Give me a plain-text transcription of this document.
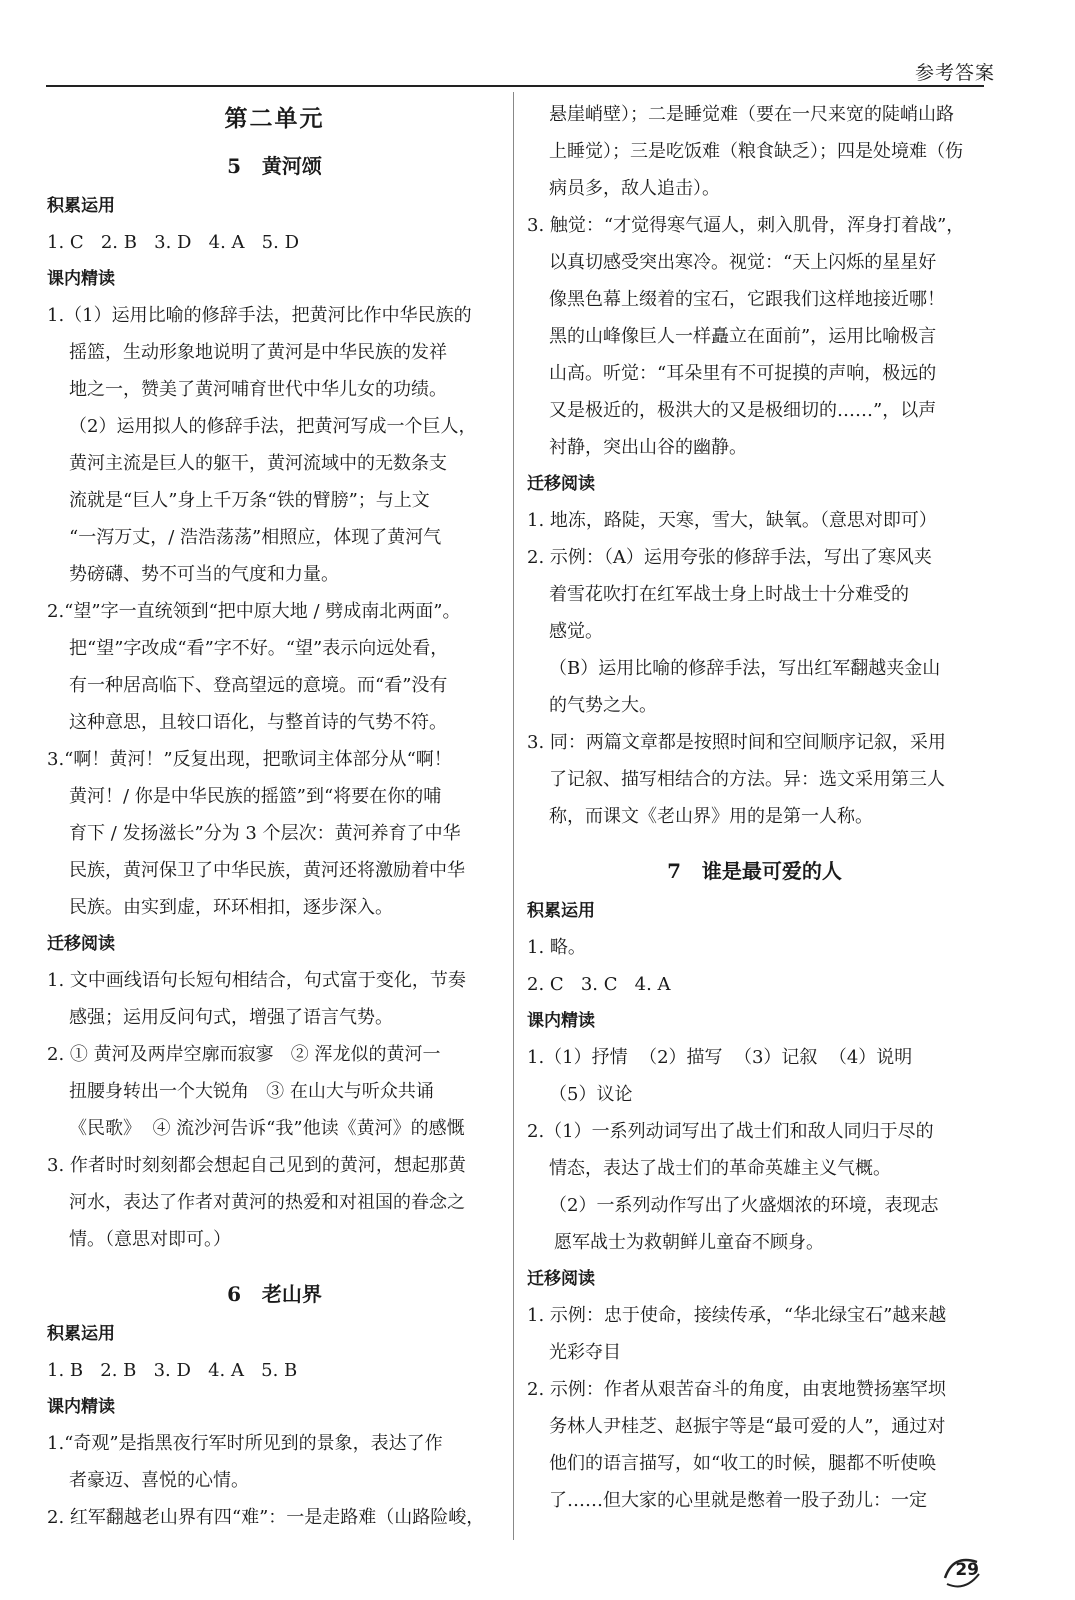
参考答案
第二单元
5   黄河颂
积累运用
1. C   2. B   3. D   4. A   5. D
课内精读
1.（1）运用比喻的修辞手法，把黄河比作中华民族的
摇篮，生动形象地说明了黄河是中华民族的发祥
地之一，赞美了黄河哺育世代中华儿女的功绩。
（2）运用拟人的修辞手法，把黄河写成一个巨人，
黄河主流是巨人的躯干，黄河流域中的无数条支
流就是“巨人”身上千万条“铁的臂膀”；与上文
“一泻万丈，/ 浩浩荡荡”相照应，体现了黄河气
势磅礴、势不可当的气度和力量。
2.“望”字一直统领到“把中原大地 / 劈成南北两面”。
把“望”字改成“看”字不好。“望”表示向远处看，
有一种居高临下、登高望远的意境。而“看”没有
这种意思，且较口语化，与整首诗的气势不符。
3.“啊！黄河！”反复出现，把歌词主体部分从“啊！
黄河！/ 你是中华民族的摇篮”到“将要在你的哺
育下 / 发扬滋长”分为 3 个层次：黄河养育了中华
民族，黄河保卫了中华民族，黄河还将激励着中华
民族。由实到虚，环环相扣，逐步深入。
迁移阅读
1. 文中画线语句长短句相结合，句式富于变化，节奏
感强；运用反问句式，增强了语言气势。
2. ① 黄河及两岸空廓而寂寥   ② 浑龙似的黄河一
扭腰身转出一个大锐角   ③ 在山大与听众共诵
《民歌》  ④ 流沙河告诉“我”他读《黄河》的感慨
3. 作者时时刻刻都会想起自己见到的黄河，想起那黄
河水，表达了作者对黄河的热爱和对祖国的眷念之
情。（意思对即可。）
6   老山界
积累运用
1. B   2. B   3. D   4. A   5. B
课内精读
1.“奇观”是指黑夜行军时所见到的景象，表达了作
者豪迈、喜悦的心情。
2. 红军翻越老山界有四“难”：一是走路难（山路险峻，
悬崖峭壁）；二是睡觉难（要在一尺来宽的陡峭山路
上睡觉）；三是吃饭难（粮食缺乏）；四是处境难（伤
病员多，敌人追击）。
3. 触觉：“才觉得寒气逼人，刺入肌骨，浑身打着战”，
以真切感受突出寒冷。视觉：“天上闪烁的星星好
像黑色幕上缀着的宝石，它跟我们这样地接近哪！
黑的山峰像巨人一样矗立在面前”，运用比喻极言
山高。听觉：“耳朵里有不可捉摸的声响，极远的
又是极近的，极洪大的又是极细切的……”，以声
衬静，突出山谷的幽静。
迁移阅读
1. 地冻，路陡，天寒，雪大，缺氧。（意思对即可）
2. 示例：（A）运用夸张的修辞手法，写出了寒风夹
着雪花吹打在红军战士身上时战士十分难受的
感觉。
（B）运用比喻的修辞手法，写出红军翻越夹金山
的气势之大。
3. 同：两篇文章都是按照时间和空间顺序记叙，采用
了记叙、描写相结合的方法。异：选文采用第三人
称，而课文《老山界》用的是第一人称。
7   谁是最可爱的人
积累运用
1. 略。
2. C   3. C   4. A
课内精读
1.（1）抒情  （2）描写  （3）记叙  （4）说明
（5）议论
2.（1）一系列动词写出了战士们和敌人同归于尽的
情态，表达了战士们的革命英雄主义气概。
（2）一系列动作写出了火盛烟浓的环境，表现志
愿军战士为救朝鲜儿童奋不顾身。
迁移阅读
1. 示例：忠于使命，接续传承，“华北绿宝石”越来越
光彩夺目
2. 示例：作者从艰苦奋斗的角度，由衷地赞扬塞罕坝
务林人尹桂芝、赵振宇等是“最可爱的人”，通过对
他们的语言描写，如“收工的时候，腿都不听使唤
了……但大家的心里就是憋着一股子劲儿：一定
29
